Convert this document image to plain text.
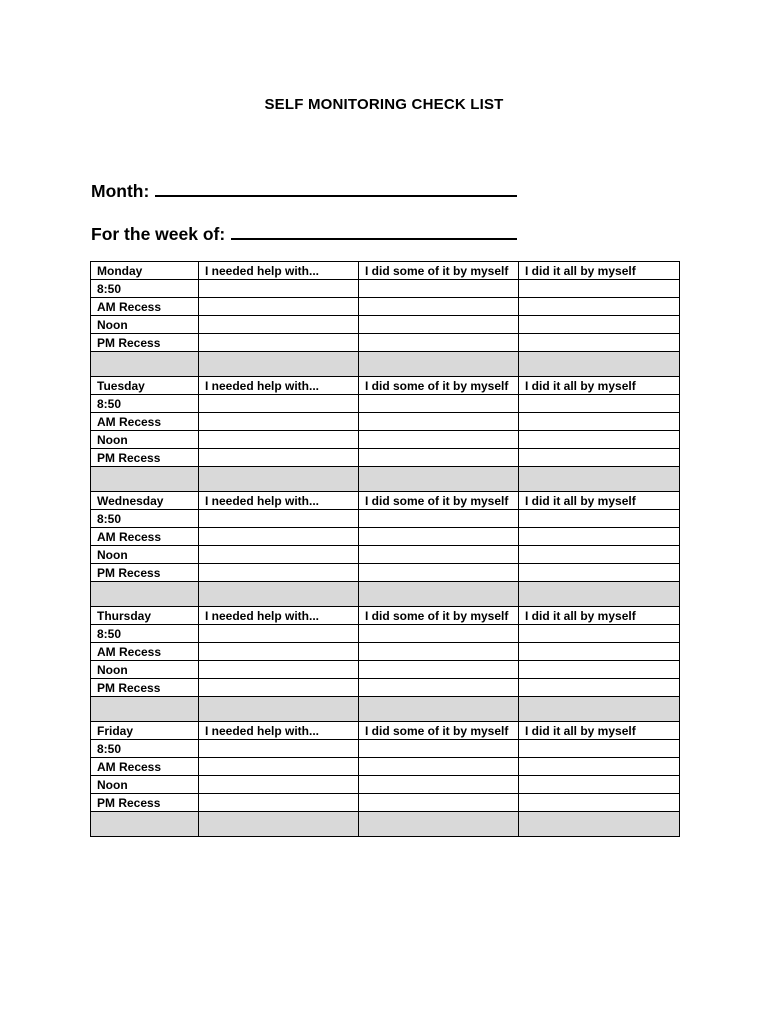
SELF MONITORING CHECK LIST
Month:
For the week of:
Monday	I needed help with...	I did some of it by myself	I did it all by myself
8:50			
AM Recess			
Noon			
PM Recess			

Tuesday	I needed help with...	I did some of it by myself	I did it all by myself
8:50			
AM Recess			
Noon			
PM Recess			

Wednesday	I needed help with...	I did some of it by myself	I did it all by myself
8:50			
AM Recess			
Noon			
PM Recess			

Thursday	I needed help with...	I did some of it by myself	I did it all by myself
8:50			
AM Recess			
Noon			
PM Recess			

Friday	I needed help with...	I did some of it by myself	I did it all by myself
8:50			
AM Recess			
Noon			
PM Recess			
